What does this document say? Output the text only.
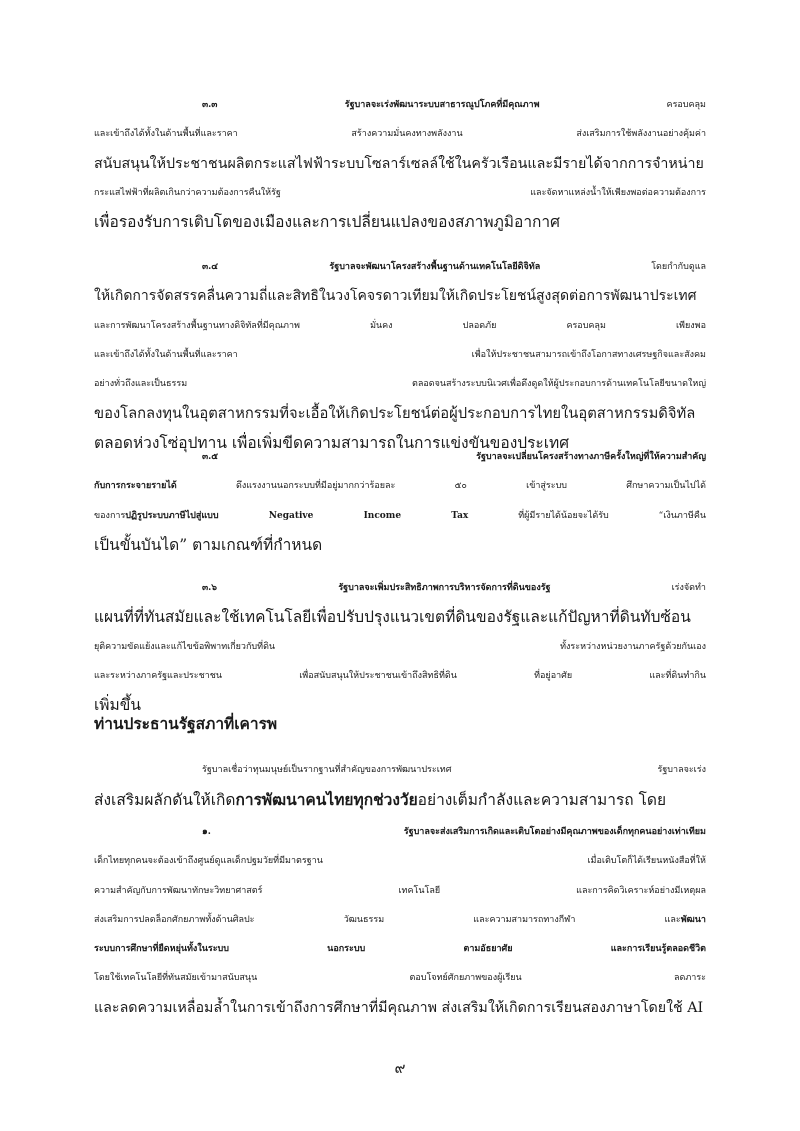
๓.๓ รัฐบาลจะเร่งพัฒนาระบบสาธารณูปโภคที่มีคุณภาพ ครอบคลุม
และเข้าถึงได้ทั้งในด้านพื้นที่และราคา สร้างความมั่นคงทางพลังงาน ส่งเสริมการใช้พลังงานอย่างคุ้มค่า
สนับสนุนให้ประชาชนผลิตกระแสไฟฟ้าระบบโซลาร์เซลล์ใช้ในครัวเรือนและมีรายได้จากการจำหน่าย
กระแสไฟฟ้าที่ผลิตเกินกว่าความต้องการคืนให้รัฐ และจัดหาแหล่งน้ำให้เพียงพอต่อความต้องการ
เพื่อรองรับการเติบโตของเมืองและการเปลี่ยนแปลงของสภาพภูมิอากาศ
๓.๔ รัฐบาลจะพัฒนาโครงสร้างพื้นฐานด้านเทคโนโลยีดิจิทัล โดยกำกับดูแล
ให้เกิดการจัดสรรคลื่นความถี่และสิทธิในวงโคจรดาวเทียมให้เกิดประโยชน์สูงสุดต่อการพัฒนาประเทศ
และการพัฒนาโครงสร้างพื้นฐานทางดิจิทัลที่มีคุณภาพ มั่นคง ปลอดภัย ครอบคลุม เพียงพอ
และเข้าถึงได้ทั้งในด้านพื้นที่และราคา เพื่อให้ประชาชนสามารถเข้าถึงโอกาสทางเศรษฐกิจและสังคม
อย่างทั่วถึงและเป็นธรรม ตลอดจนสร้างระบบนิเวศเพื่อดึงดูดให้ผู้ประกอบการด้านเทคโนโลยีขนาดใหญ่
ของโลกลงทุนในอุตสาหกรรมที่จะเอื้อให้เกิดประโยชน์ต่อผู้ประกอบการไทยในอุตสาหกรรมดิจิทัล
ตลอดห่วงโซ่อุปทาน เพื่อเพิ่มขีดความสามารถในการแข่งขันของประเทศ
๓.๕ รัฐบาลจะเปลี่ยนโครงสร้างทางภาษีครั้งใหญ่ที่ให้ความสำคัญ
กับการกระจายรายได้ ดึงแรงงานนอกระบบที่มีอยู่มากกว่าร้อยละ ๕๐ เข้าสู่ระบบ ศึกษาความเป็นไปได้
ของการปฏิรูประบบภาษีไปสู่แบบ Negative Income Tax ที่ผู้มีรายได้น้อยจะได้รับ “เงินภาษีคืน
เป็นขั้นบันได” ตามเกณฑ์ที่กำหนด
๓.๖ รัฐบาลจะเพิ่มประสิทธิภาพการบริหารจัดการที่ดินของรัฐ เร่งจัดทำ
แผนที่ที่ทันสมัยและใช้เทคโนโลยีเพื่อปรับปรุงแนวเขตที่ดินของรัฐและแก้ปัญหาที่ดินทับซ้อน
ยุติความขัดแย้งและแก้ไขข้อพิพาทเกี่ยวกับที่ดิน ทั้งระหว่างหน่วยงานภาครัฐด้วยกันเอง
และระหว่างภาครัฐและประชาชน เพื่อสนับสนุนให้ประชาชนเข้าถึงสิทธิที่ดิน ที่อยู่อาศัย และที่ดินทำกิน
เพิ่มขึ้น
ท่านประธานรัฐสภาที่เคารพ
รัฐบาลเชื่อว่าทุนมนุษย์เป็นรากฐานที่สำคัญของการพัฒนาประเทศ รัฐบาลจะเร่ง
ส่งเสริมผลักดันให้เกิดการพัฒนาคนไทยทุกช่วงวัยอย่างเต็มกำลังและความสามารถ โดย
๑. รัฐบาลจะส่งเสริมการเกิดและเติบโตอย่างมีคุณภาพของเด็กทุกคนอย่างเท่าเทียม
เด็กไทยทุกคนจะต้องเข้าถึงศูนย์ดูแลเด็กปฐมวัยที่มีมาตรฐาน เมื่อเติบโตก็ได้เรียนหนังสือที่ให้
ความสำคัญกับการพัฒนาทักษะวิทยาศาสตร์ เทคโนโลยี และการคิดวิเคราะห์อย่างมีเหตุผล
ส่งเสริมการปลดล็อกศักยภาพทั้งด้านศิลปะ วัฒนธรรม และความสามารถทางกีฬา และพัฒนา
ระบบการศึกษาที่ยืดหยุ่นทั้งในระบบ นอกระบบ ตามอัธยาศัย และการเรียนรู้ตลอดชีวิต
โดยใช้เทคโนโลยีที่ทันสมัยเข้ามาสนับสนุน ตอบโจทย์ศักยภาพของผู้เรียน ลดภาระ
และลดความเหลื่อมล้ำในการเข้าถึงการศึกษาที่มีคุณภาพ ส่งเสริมให้เกิดการเรียนสองภาษาโดยใช้ AI
๙
